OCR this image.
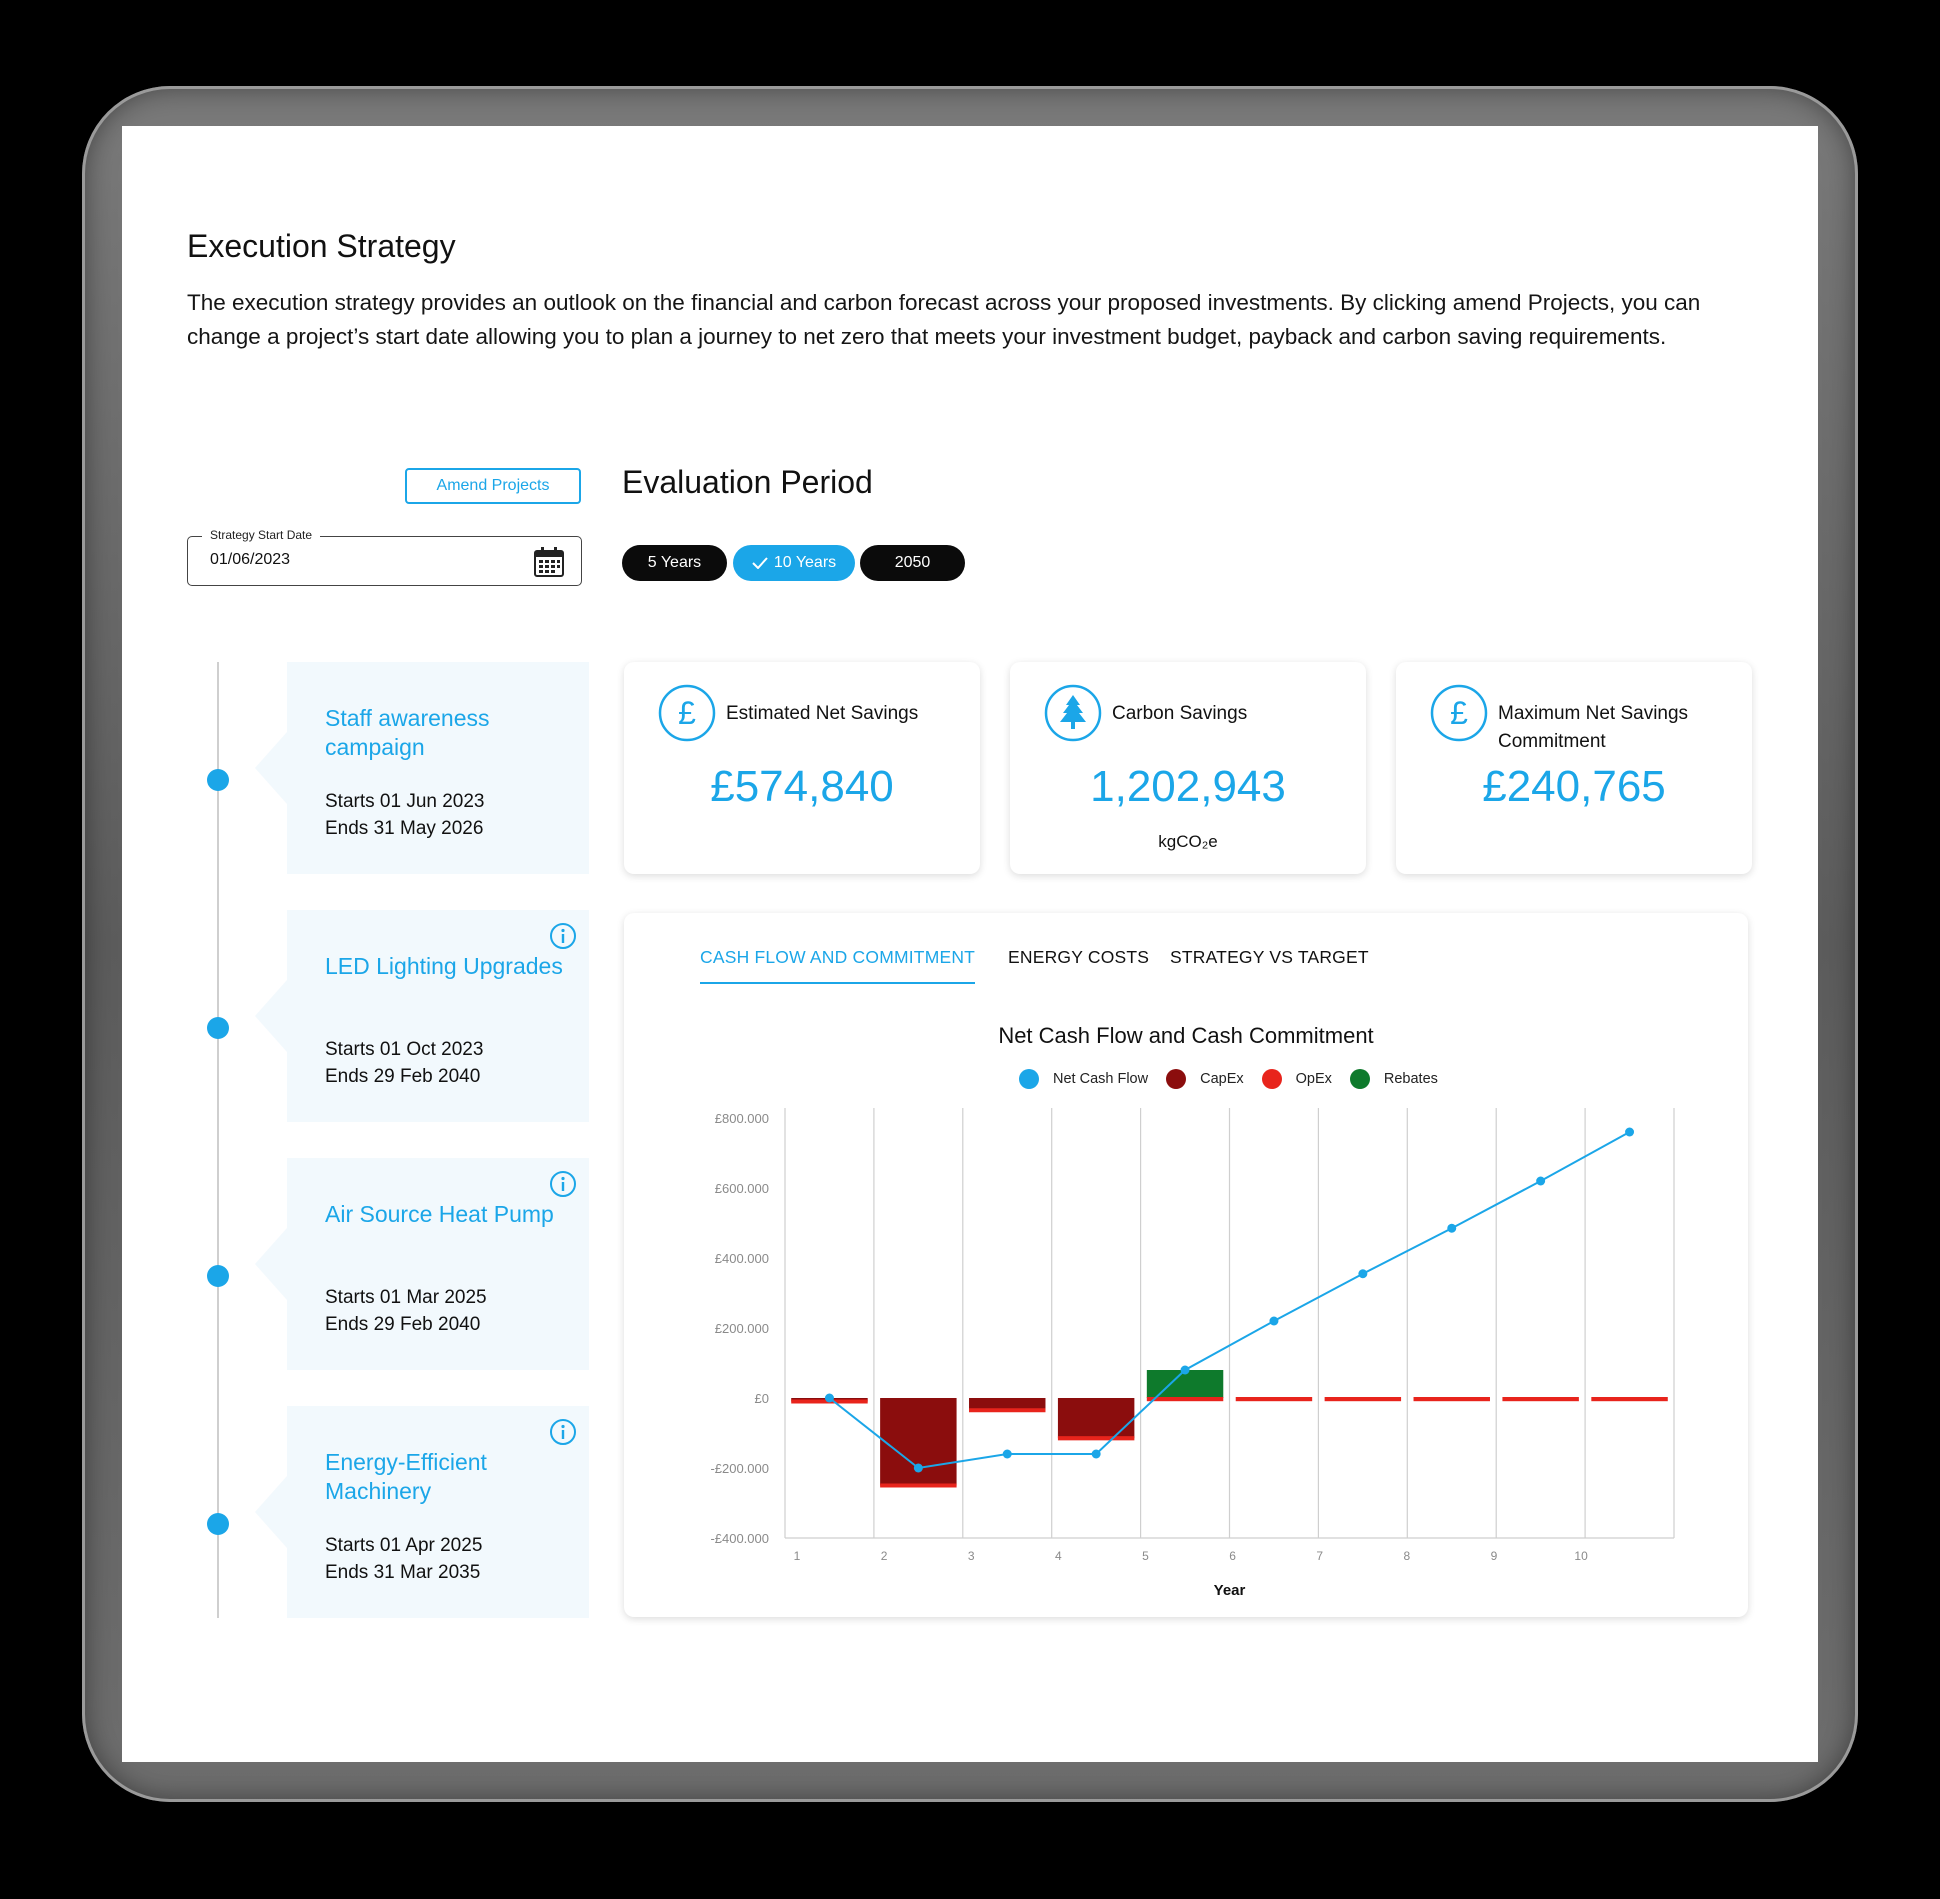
Execution Strategy

The execution strategy provides an outlook on the financial and carbon forecast across your proposed investments. By clicking amend Projects, you can change a project’s start date allowing you to plan a journey to net zero that meets your investment budget, payback and carbon saving requirements.

Amend Projects
Strategy Start Date
01/06/2023
Evaluation Period
5 Years	10 Years	2050
Staff awareness campaign
Starts 01 Jun 2023
Ends 31 May 2026
LED Lighting Upgrades
Starts 01 Oct 2023
Ends 29 Feb 2040
Air Source Heat Pump
Starts 01 Mar 2025
Ends 29 Feb 2040
Energy-Efficient Machinery
Starts 01 Apr 2025
Ends 31 Mar 2035
£ Estimated Net Savings
£574,840
Carbon Savings
1,202,943
kgCO₂e
£ Maximum Net Savings Commitment
£240,765
CASH FLOW AND COMMITMENT ENERGY COSTS STRATEGY VS TARGET
Net Cash Flow and Cash Commitment
Net Cash Flow	CapEx	OpEx	Rebates
£800.000
£600.000
£400.000
£200.000
£0
-£200.000
-£400.000
1	2	3	4	5	6	7	8	9	10
Year
